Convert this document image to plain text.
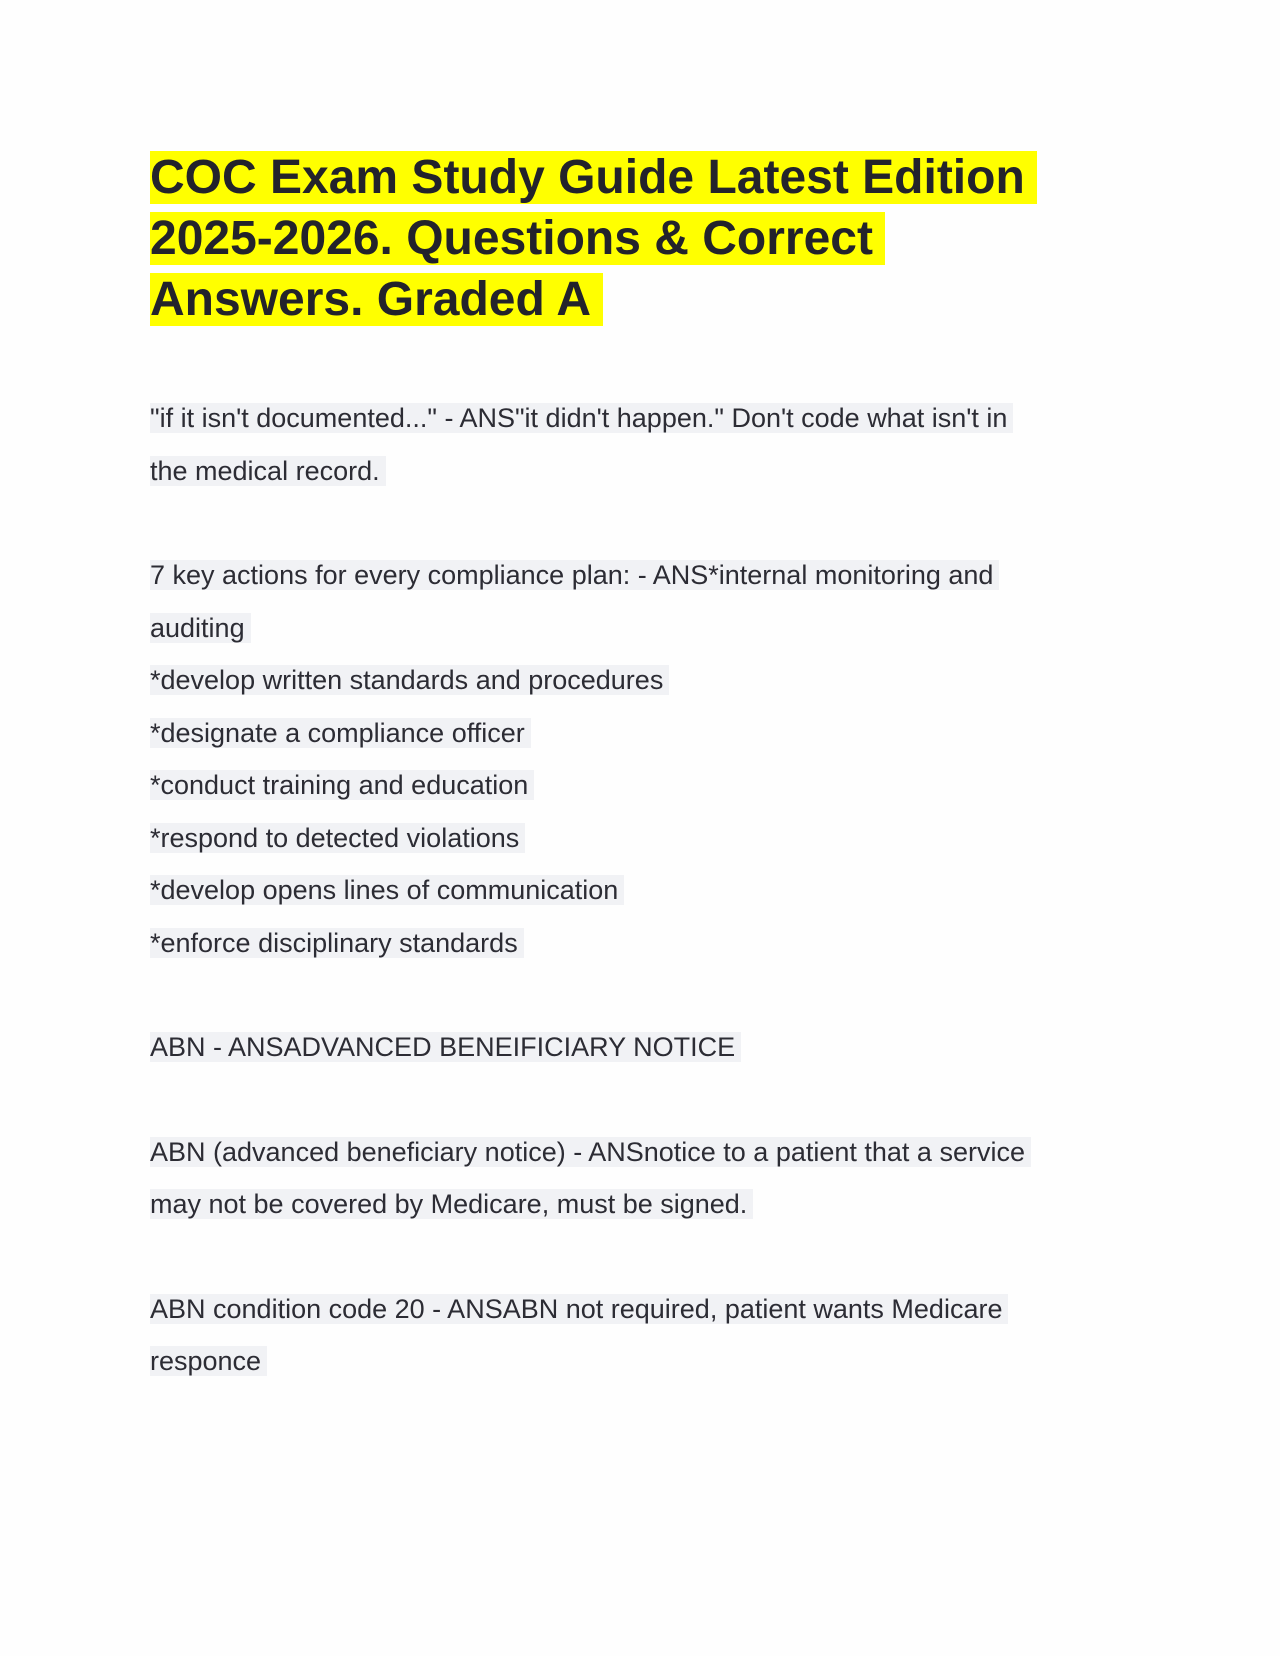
COC Exam Study Guide Latest Edition
2025-2026. Questions & Correct
Answers. Graded A
"if it isn't documented..." - ANS"it didn't happen." Don't code what isn't in
the medical record.
7 key actions for every compliance plan: - ANS*internal monitoring and
auditing
*develop written standards and procedures
*designate a compliance officer
*conduct training and education
*respond to detected violations
*develop opens lines of communication
*enforce disciplinary standards
ABN - ANSADVANCED BENEIFICIARY NOTICE
ABN (advanced beneficiary notice) - ANSnotice to a patient that a service
may not be covered by Medicare, must be signed.
ABN condition code 20 - ANSABN not required, patient wants Medicare
responce
